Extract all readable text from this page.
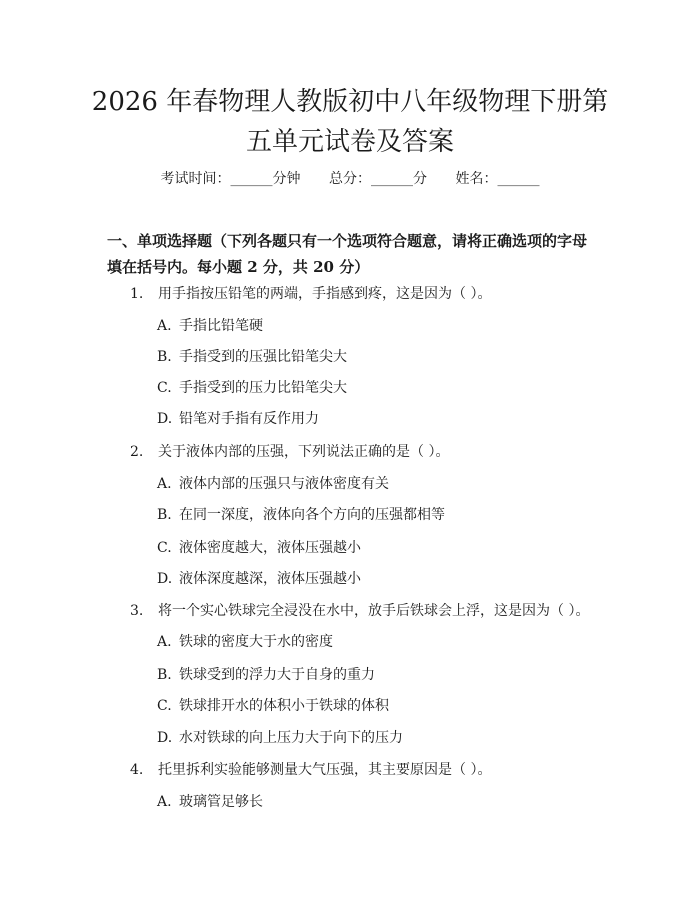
2026 年春物理人教版初中八年级物理下册第
五单元试卷及答案
考试时间：______分钟 总分：______分 姓名：______
一、单项选择题（下列各题只有一个选项符合题意，请将正确选项的字母填在括号内。每小题 2 分，共 20 分）
1. 用手指按压铅笔的两端，手指感到疼，这是因为（ ）。
A. 手指比铅笔硬
B. 手指受到的压强比铅笔尖大
C. 手指受到的压力比铅笔尖大
D. 铅笔对手指有反作用力
2. 关于液体内部的压强，下列说法正确的是（ ）。
A. 液体内部的压强只与液体密度有关
B. 在同一深度，液体向各个方向的压强都相等
C. 液体密度越大，液体压强越小
D. 液体深度越深，液体压强越小
3. 将一个实心铁球完全浸没在水中，放手后铁球会上浮，这是因为（ ）。
A. 铁球的密度大于水的密度
B. 铁球受到的浮力大于自身的重力
C. 铁球排开水的体积小于铁球的体积
D. 水对铁球的向上压力大于向下的压力
4. 托里拆利实验能够测量大气压强，其主要原因是（ ）。
A. 玻璃管足够长
